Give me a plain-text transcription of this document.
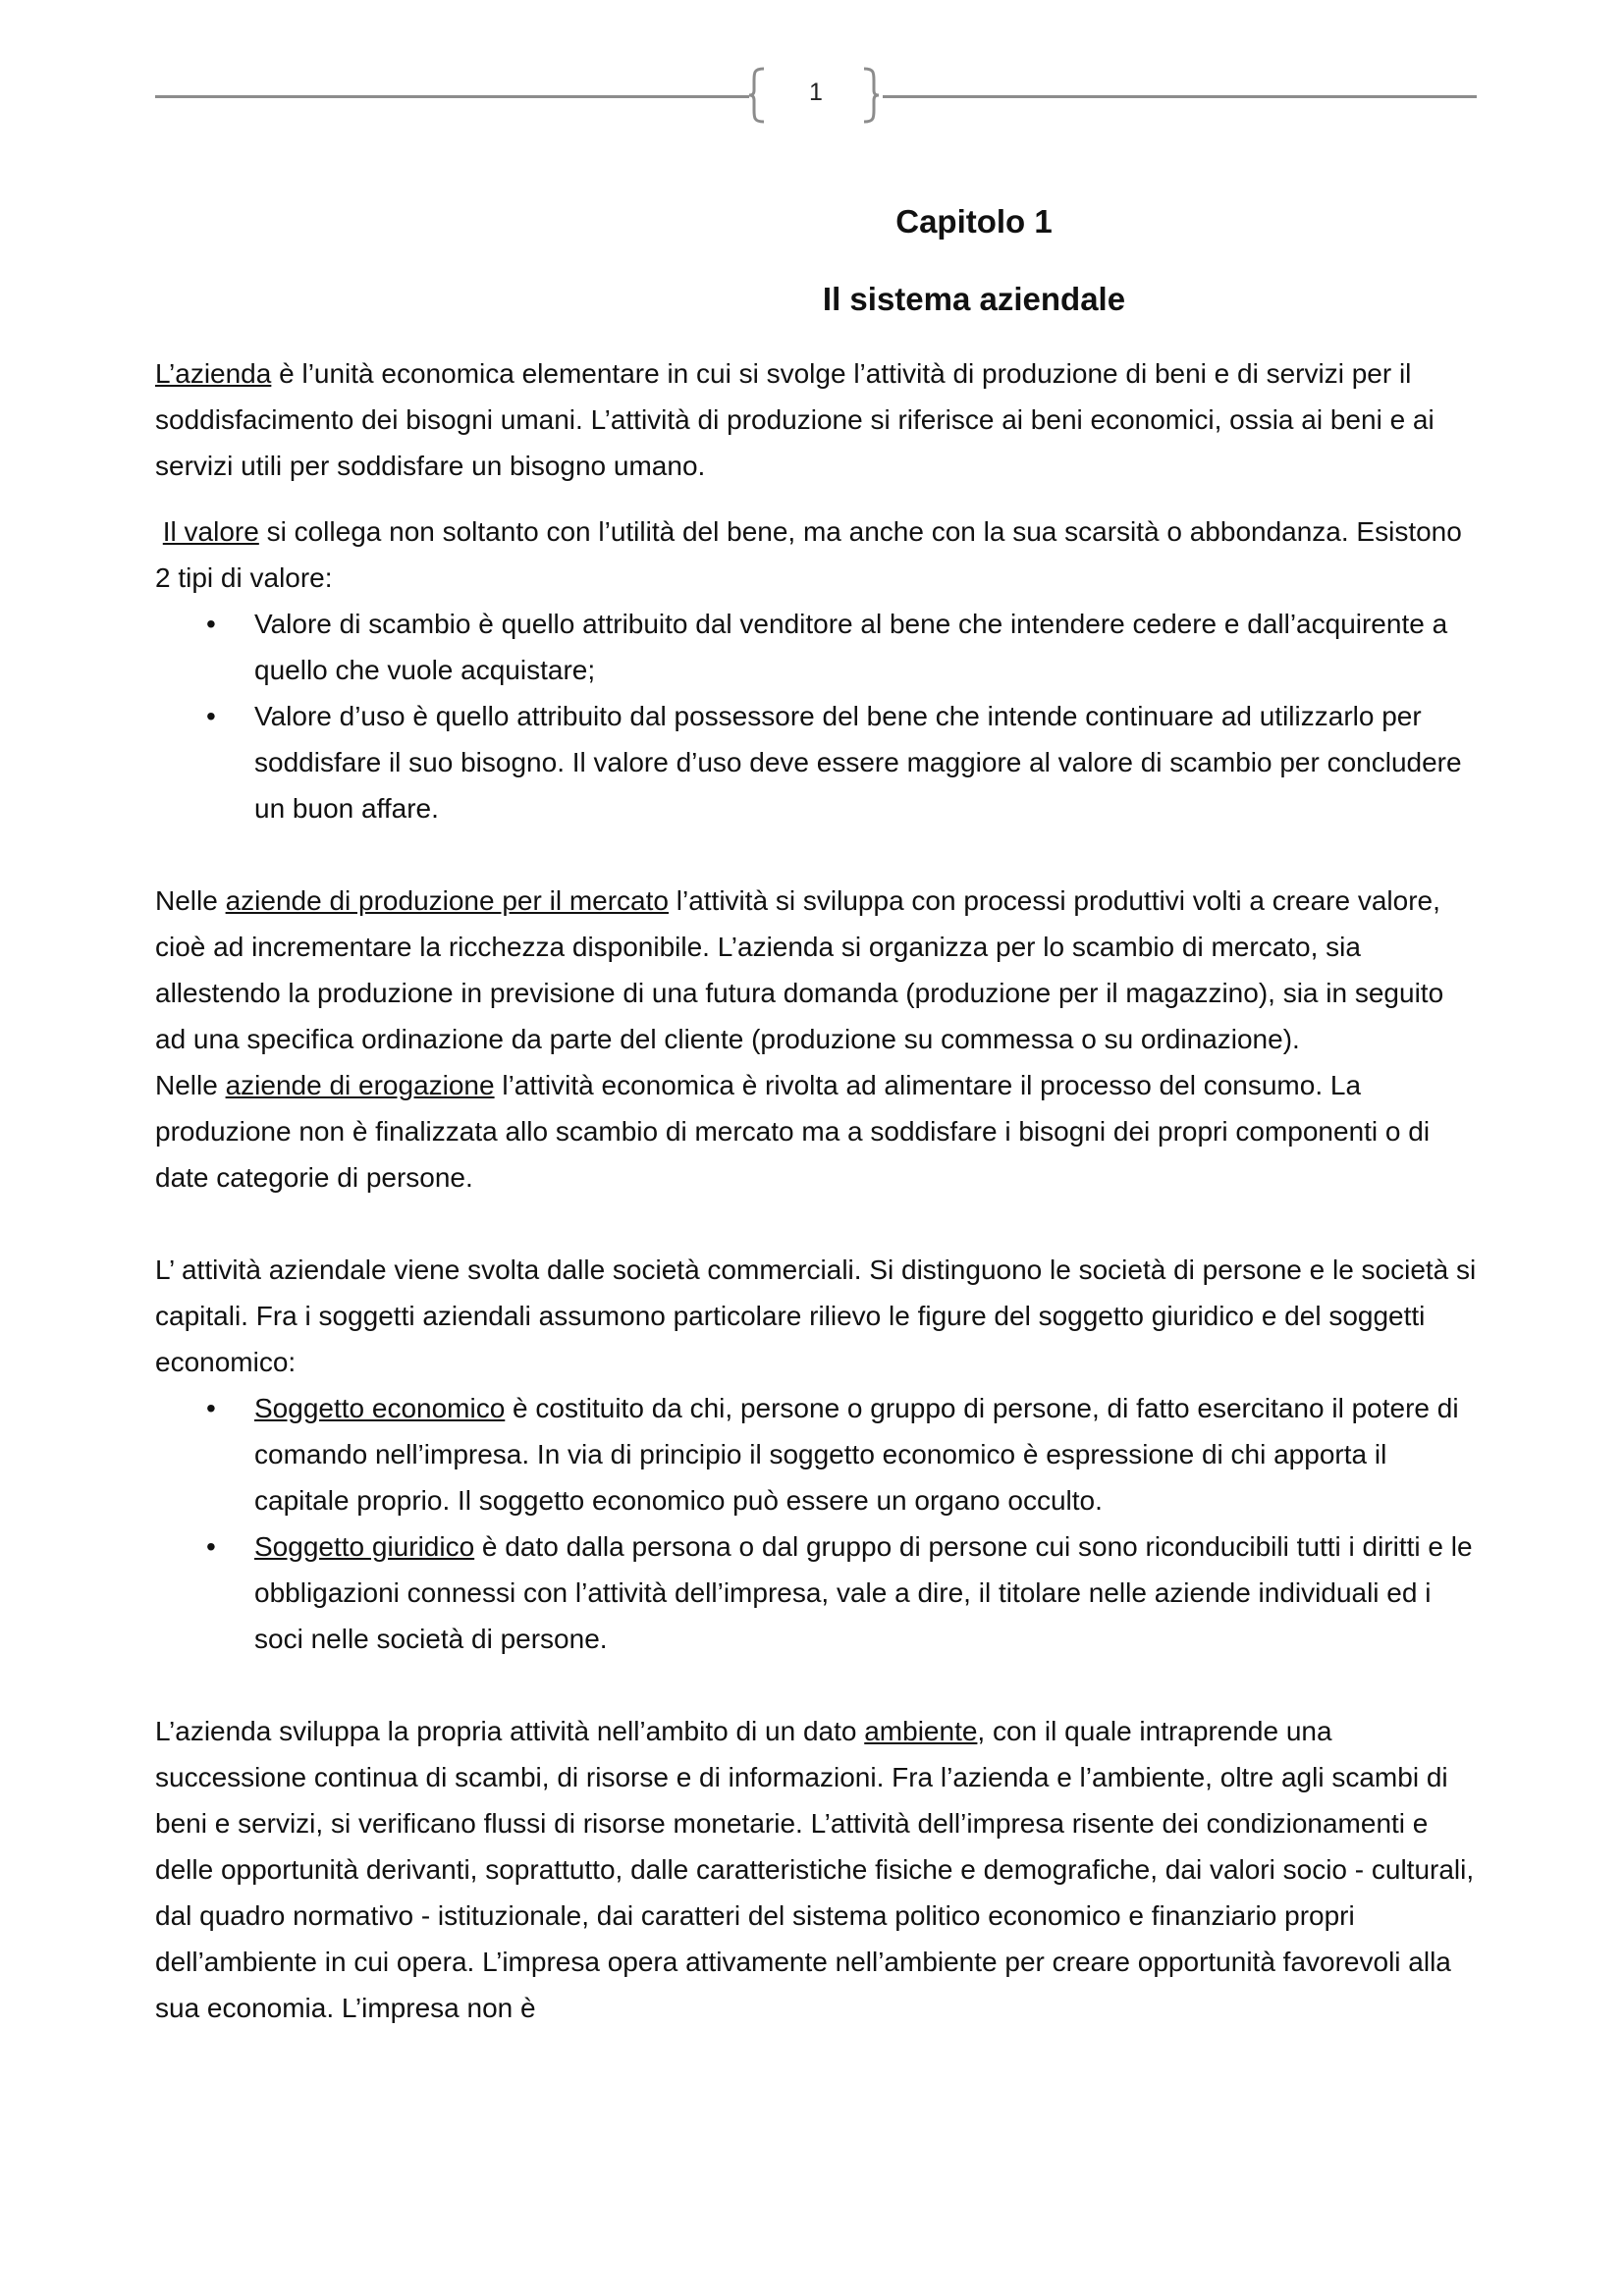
1
Capitolo 1
Il sistema aziendale

L’azienda è l’unità economica elementare in cui si svolge l’attività di produzione di beni e di servizi per il soddisfacimento dei bisogni umani. L’attività di produzione si riferisce ai beni economici, ossia ai beni e ai servizi utili per soddisfare un bisogno umano.

Il valore si collega non soltanto con l’utilità del bene, ma anche con la sua scarsità o abbondanza. Esistono 2 tipi di valore:

• Valore di scambio è quello attribuito dal venditore al bene che intendere cedere e dall’acquirente a quello che vuole acquistare;
• Valore d’uso è quello attribuito dal possessore del bene che intende continuare ad utilizzarlo per soddisfare il suo bisogno. Il valore d’uso deve essere maggiore al valore di scambio per concludere un buon affare.

Nelle aziende di produzione per il mercato l’attività si sviluppa con processi produttivi volti a creare valore, cioè ad incrementare la ricchezza disponibile. L’azienda si organizza per lo scambio di mercato, sia allestendo la produzione in previsione di una futura domanda (produzione per il magazzino), sia in seguito ad una specifica ordinazione da parte del cliente (produzione su commessa o su ordinazione).

Nelle aziende di erogazione l’attività economica è rivolta ad alimentare il processo del consumo. La produzione non è finalizzata allo scambio di mercato ma a soddisfare i bisogni dei propri componenti o di date categorie di persone.

L’ attività aziendale viene svolta dalle società commerciali. Si distinguono le società di persone e le società si capitali. Fra i soggetti aziendali assumono particolare rilievo le figure del soggetto giuridico e del soggetti economico:

• Soggetto economico è costituito da chi, persone o gruppo di persone, di fatto esercitano il potere di comando nell’impresa. In via di principio il soggetto economico è espressione di chi apporta il capitale proprio. Il soggetto economico può essere un organo occulto.
• Soggetto giuridico è dato dalla persona o dal gruppo di persone cui sono riconducibili tutti i diritti e le obbligazioni connessi con l’attività dell’impresa, vale a dire, il titolare nelle aziende individuali ed i soci nelle società di persone.

L’azienda sviluppa la propria attività nell’ambito di un dato ambiente, con il quale intraprende una successione continua di scambi, di risorse e di informazioni. Fra l’azienda e l’ambiente, oltre agli scambi di beni e servizi, si verificano flussi di risorse monetarie. L’attività dell’impresa risente dei condizionamenti e delle opportunità derivanti, soprattutto, dalle caratteristiche fisiche e demografiche, dai valori socio - culturali, dal quadro normativo - istituzionale, dai caratteri del sistema politico economico e finanziario propri dell’ambiente in cui opera. L’impresa opera attivamente nell’ambiente per creare opportunità favorevoli alla sua economia. L’impresa non è
